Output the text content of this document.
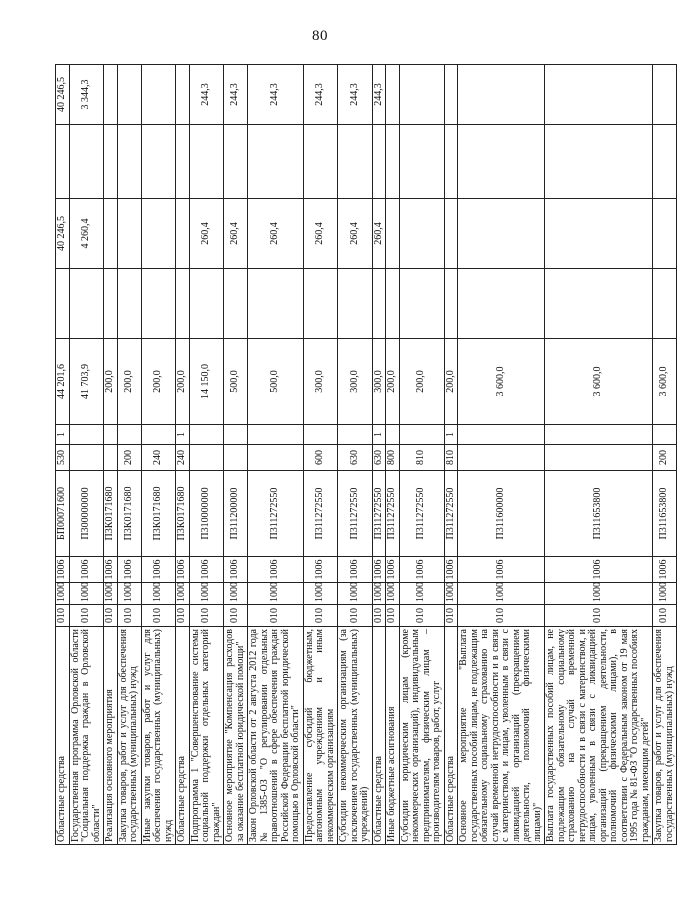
80
Областные средства	010	1000	1006	БП00071600	530	1	44 201,6		40 246,5		40 246,5
Государственная программа Орловской области "Социальная поддержка граждан в Орловской области"	010	1000	1006	П300000000			41 703,9		4 260,4		3 344,3
Реализация основного мероприятия	010	1000	1006	П3К0171680			200,0				
Закупка товаров, работ и услуг для обеспечения государственных (муниципальных) нужд	010	1000	1006	П3К0171680	200		200,0				
Иные закупки товаров, работ и услуг для обеспечения государственных (муниципальных) нужд	010	1000	1006	П3К0171680	240		200,0				
Областные средства	010	1000	1006	П3К0171680	240	1	200,0				
Подпрограмма 1 "Совершенствование системы социальной поддержки отдельных категорий граждан"	010	1000	1006	П310000000			14 150,0		260,4		244,3
Основное мероприятие "Компенсация расходов за оказание бесплатной юридической помощи"	010	1000	1006	П311200000			500,0		260,4		244,3
Закон Орловской области от 2 августа 2012 года № 1385-ОЗ "О регулировании отдельных правоотношений в сфере обеспечения граждан Российской Федерации бесплатной юридической помощью в Орловской области"	010	1000	1006	П311272550			500,0		260,4		244,3
Предоставление субсидий бюджетным, автономным учреждениям и иным некоммерческим организациям	010	1000	1006	П311272550	600		300,0		260,4		244,3
Субсидии некоммерческим организациям (за исключением государственных (муниципальных) учреждений)	010	1000	1006	П311272550	630		300,0		260,4		244,3
Областные средства	010	1000	1006	П311272550	630	1	300,0		260,4		244,3
Иные бюджетные ассигнования	010	1000	1006	П311272550	800		200,0				
Субсидии юридическим лицам (кроме некоммерческих организаций), индивидуальным предпринимателям, физическим лицам – производителям товаров, работ, услуг	010	1000	1006	П311272550	810		200,0				
Областные средства	010	1000	1006	П311272550	810	1	200,0				
Основное мероприятие "Выплата государственных пособий лицам, не подлежащим обязательному социальному страхованию на случай временной нетрудоспособности и в связи с материнством, и лицам, уволенным в связи с ликвидацией организаций (прекращением деятельности, полномочий физическими лицами)"	010	1000	1006	П311600000			3 600,0				
Выплата государственных пособий лицам, не подлежащим обязательному социальному страхованию на случай временной нетрудоспособности и в связи с материнством, и лицам, уволенным в связи с ликвидацией организаций (прекращением деятельности, полномочий физическими лицами), в соответствии с Федеральным законом от 19 мая 1995 года № 81-ФЗ "О государственных пособиях гражданам, имеющим детей"	010	1000	1006	П311653800			3 600,0				
Закупка товаров, работ и услуг для обеспечения государственных (муниципальных) нужд	010	1000	1006	П311653800	200		3 600,0				
